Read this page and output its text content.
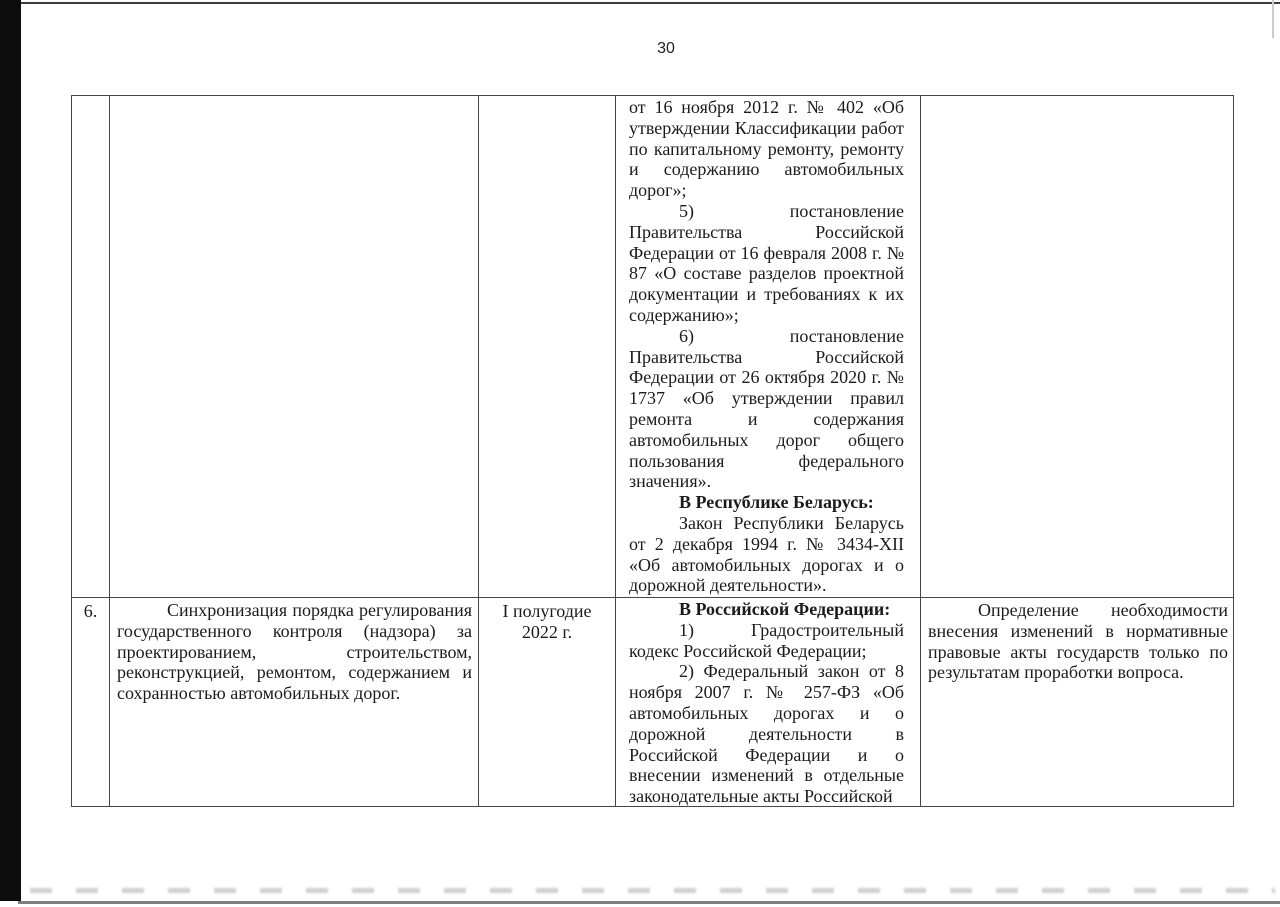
30

от 16 ноября 2012 г. № 402 «Об утверждении Классификации работ по капитальному ремонту, ремонту и содержанию автомобильных дорог»;

5) постановление Правительства Российской Федерации от 16 февраля 2008 г. № 87 «О составе разделов проектной документации и требованиях к их содержанию»;

6) постановление Правительства Российской Федерации от 26 октября 2020 г. № 1737 «Об утверждении правил ремонта и содержания автомобильных дорог общего пользования федерального значения».

В Республике Беларусь:

Закон Республики Беларусь от 2 декабря 1994 г. № 3434-XII «Об автомобильных дорогах и о дорожной деятельности».

6.	Синхронизация порядка регулирования государственного контроля (надзора) за проектированием, строительством, реконструкцией, ремонтом, содержанием и сохранностью автомобильных дорог.

I полугодие 2022 г.

В Российской Федерации:

1) Градостроительный кодекс Российской Федерации;

2) Федеральный закон от 8 ноября 2007 г. № 257-ФЗ «Об автомобильных дорогах и о дорожной деятельности в Российской Федерации и о внесении изменений в отдельные законодательные акты Российской

Определение необходимости внесения изменений в нормативные правовые акты государств только по результатам проработки вопроса.
